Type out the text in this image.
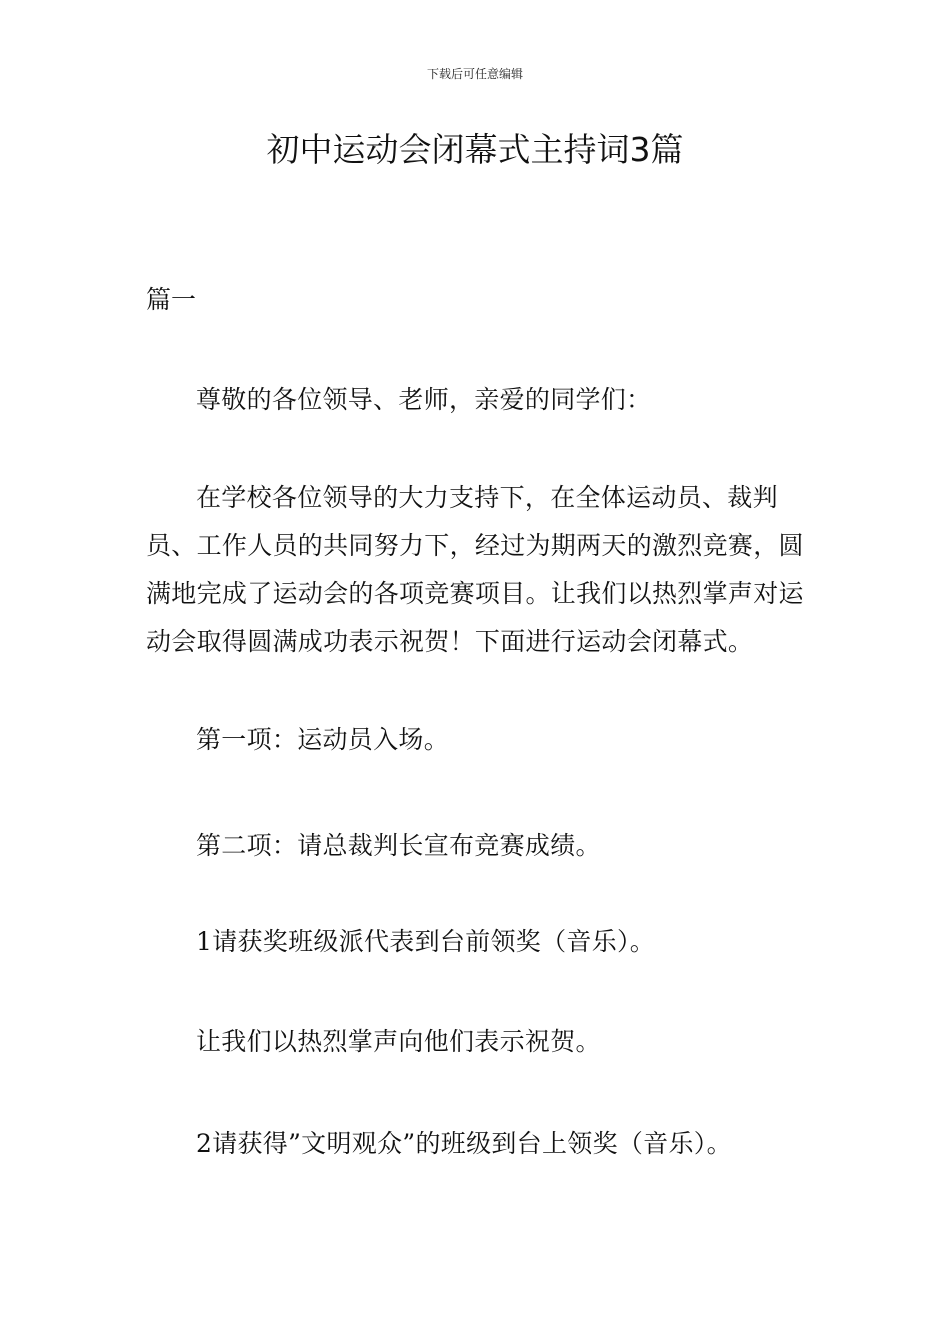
下载后可任意编辑
初中运动会闭幕式主持词3篇
篇一

尊敬的各位领导、老师，亲爱的同学们：

在学校各位领导的大力支持下，在全体运动员、裁判员、工作人员的共同努力下，经过为期两天的激烈竞赛，圆满地完成了运动会的各项竞赛项目。让我们以热烈掌声对运动会取得圆满成功表示祝贺！下面进行运动会闭幕式。

第一项：运动员入场。

第二项：请总裁判长宣布竞赛成绩。

1请获奖班级派代表到台前领奖（音乐）。

让我们以热烈掌声向他们表示祝贺。

2请获得”文明观众”的班级到台上领奖（音乐）。
